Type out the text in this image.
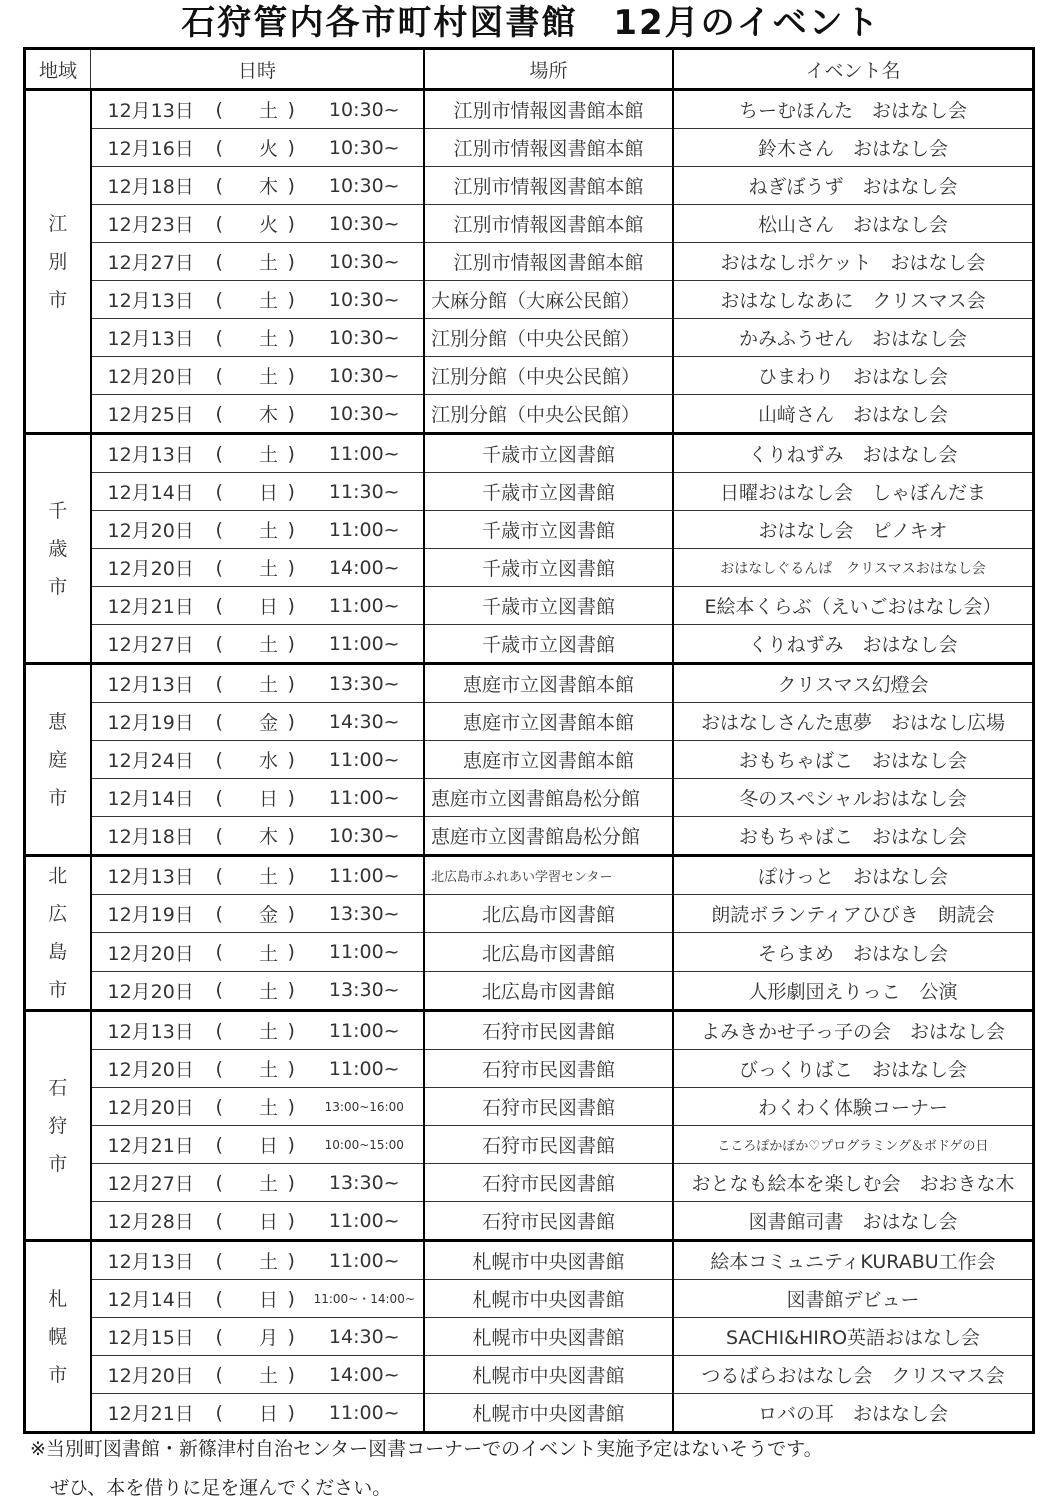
石狩管内各市町村図書館　12月のイベント
地域	日時	場所	イベント名

江
別
市	12月13日 ( 土 ) 10:30~	江別市情報図書館本館	ちーむほんた　おはなし会

	12月16日 ( 火 ) 10:30~	江別市情報図書館本館	鈴木さん　おはなし会

	12月18日 ( 木 ) 10:30~	江別市情報図書館本館	ねぎぼうず　おはなし会

	12月23日 ( 火 ) 10:30~	江別市情報図書館本館	松山さん　おはなし会

	12月27日 ( 土 ) 10:30~	江別市情報図書館本館	おはなしポケット　おはなし会

	12月13日 ( 土 ) 10:30~	大麻分館（大麻公民館）	おはなしなあに　クリスマス会

	12月13日 ( 土 ) 10:30~	江別分館（中央公民館）	かみふうせん　おはなし会

	12月20日 ( 土 ) 10:30~	江別分館（中央公民館）	ひまわり　おはなし会

	12月25日 ( 木 ) 10:30~	江別分館（中央公民館）	山﨑さん　おはなし会

千
歳
市	12月13日 ( 土 ) 11:00~	千歳市立図書館	くりねずみ　おはなし会

	12月14日 ( 日 ) 11:30~	千歳市立図書館	日曜おはなし会　しゃぼんだま

	12月20日 ( 土 ) 11:00~	千歳市立図書館	おはなし会　ピノキオ

	12月20日 ( 土 ) 14:00~	千歳市立図書館	おはなしぐるんぱ　クリスマスおはなし会

	12月21日 ( 日 ) 11:00~	千歳市立図書館	E絵本くらぶ（えいごおはなし会）

	12月27日 ( 土 ) 11:00~	千歳市立図書館	くりねずみ　おはなし会

恵
庭
市	12月13日 ( 土 ) 13:30~	恵庭市立図書館本館	クリスマス幻燈会

	12月19日 ( 金 ) 14:30~	恵庭市立図書館本館	おはなしさんた恵夢　おはなし広場

	12月24日 ( 水 ) 11:00~	恵庭市立図書館本館	おもちゃばこ　おはなし会

	12月14日 ( 日 ) 11:00~	恵庭市立図書館島松分館	冬のスペシャルおはなし会

	12月18日 ( 木 ) 10:30~	恵庭市立図書館島松分館	おもちゃばこ　おはなし会

北
広
島
市	12月13日 ( 土 ) 11:00~	北広島市ふれあい学習センター	ぽけっと　おはなし会

	12月19日 ( 金 ) 13:30~	北広島市図書館	朗読ボランティアひびき　朗読会

	12月20日 ( 土 ) 11:00~	北広島市図書館	そらまめ　おはなし会

	12月20日 ( 土 ) 13:30~	北広島市図書館	人形劇団えりっこ　公演

石
狩
市	12月13日 ( 土 ) 11:00~	石狩市民図書館	よみきかせ子っ子の会　おはなし会

	12月20日 ( 土 ) 11:00~	石狩市民図書館	びっくりばこ　おはなし会

	12月20日 ( 土 ) 13:00~16:00	石狩市民図書館	わくわく体験コーナー

	12月21日 ( 日 ) 10:00~15:00	石狩市民図書館	こころぽかぽか♡プログラミング＆ボドゲの日

	12月27日 ( 土 ) 13:30~	石狩市民図書館	おとなも絵本を楽しむ会　おおきな木

	12月28日 ( 日 ) 11:00~	石狩市民図書館	図書館司書　おはなし会

札
幌
市	12月13日 ( 土 ) 11:00~	札幌市中央図書館	絵本コミュニティKURABU工作会

	12月14日 ( 日 ) 11:00~・14:00~	札幌市中央図書館	図書館デビュー

	12月15日 ( 月 ) 14:30~	札幌市中央図書館	SACHI&HIRO英語おはなし会

	12月20日 ( 土 ) 14:00~	札幌市中央図書館	つるばらおはなし会　クリスマス会

	12月21日 ( 日 ) 11:00~	札幌市中央図書館	ロバの耳　おはなし会
※当別町図書館・新篠津村自治センター図書コーナーでのイベント実施予定はないそうです。
ぜひ、本を借りに足を運んでください。
